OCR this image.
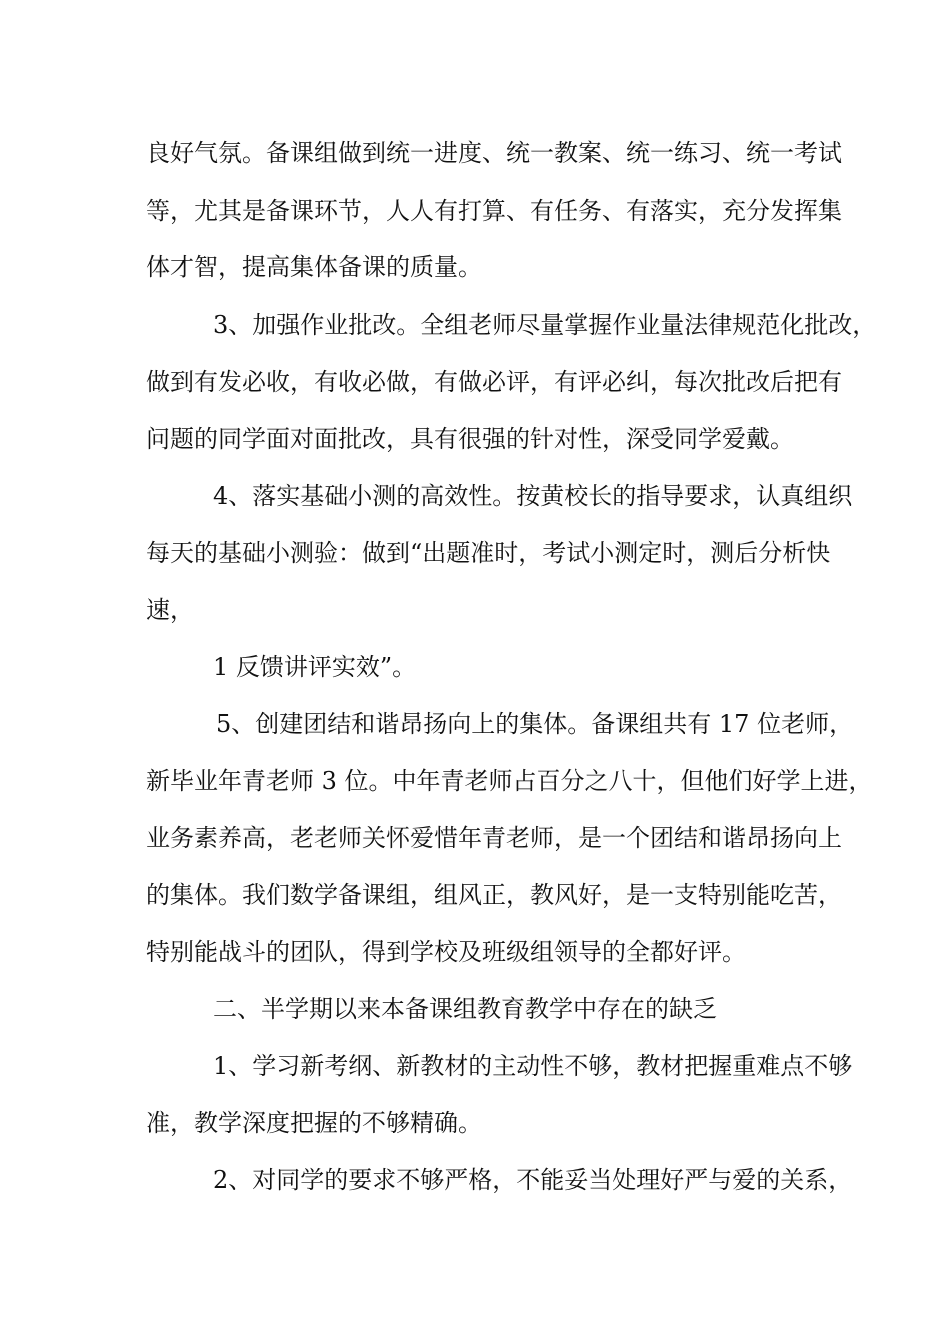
良好气氛。备课组做到统一进度、统一教案、统一练习、统一考试
等，尤其是备课环节，人人有打算、有任务、有落实，充分发挥集
体才智，提高集体备课的质量。
3、加强作业批改。全组老师尽量掌握作业量法律规范化批改，
做到有发必收，有收必做，有做必评，有评必纠，每次批改后把有
问题的同学面对面批改，具有很强的针对性，深受同学爱戴。
4、落实基础小测的高效性。按黄校长的指导要求，认真组织
每天的基础小测验：做到“出题准时，考试小测定时，测后分析快
速，
1 反馈讲评实效”。
5、创建团结和谐昂扬向上的集体。备课组共有 17 位老师，
新毕业年青老师 3 位。中年青老师占百分之八十，但他们好学上进，
业务素养高，老老师关怀爱惜年青老师，是一个团结和谐昂扬向上
的集体。我们数学备课组，组风正，教风好，是一支特别能吃苦，
特别能战斗的团队，得到学校及班级组领导的全都好评。
二、半学期以来本备课组教育教学中存在的缺乏
1、学习新考纲、新教材的主动性不够，教材把握重难点不够
准，教学深度把握的不够精确。
2、对同学的要求不够严格，不能妥当处理好严与爱的关系，
